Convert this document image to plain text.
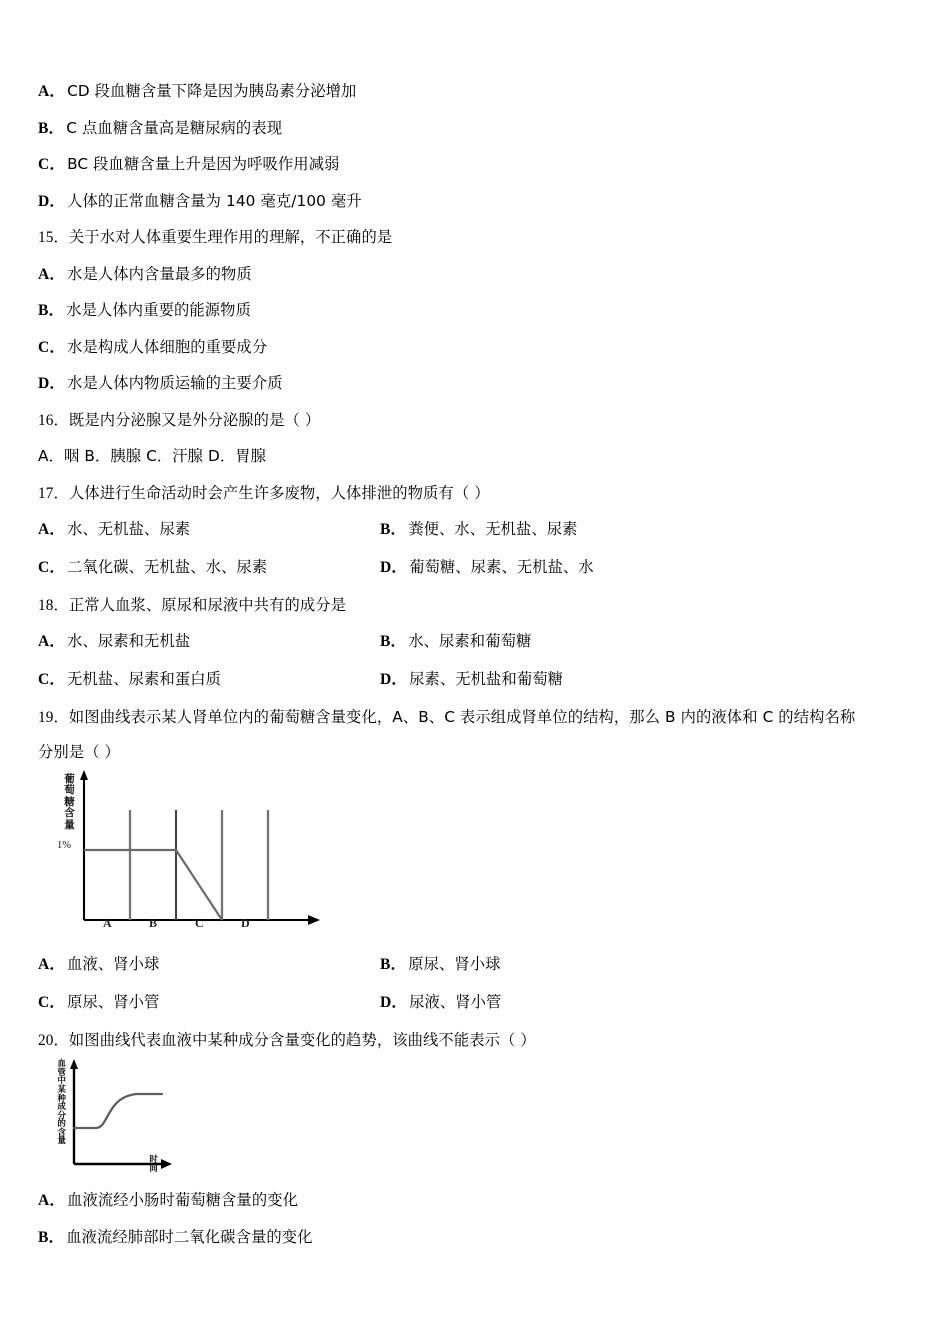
A． CD 段血糖含量下降是因为胰岛素分泌增加
B． C 点血糖含量高是糖尿病的表现
C． BC 段血糖含量上升是因为呼吸作用减弱
D． 人体的正常血糖含量为 140 毫克/100 毫升
15．关于水对人体重要生理作用的理解，不正确的是
A． 水是人体内含量最多的物质
B． 水是人体内重要的能源物质
C． 水是构成人体细胞的重要成分
D． 水是人体内物质运输的主要介质
16．既是内分泌腺又是外分泌腺的是（ ）
A．咽 B．胰腺 C．汗腺 D．胃腺
17．人体进行生命活动时会产生许多废物，人体排泄的物质有（ ）
A． 水、无机盐、尿素	B． 粪便、水、无机盐、尿素
C． 二氧化碳、无机盐、水、尿素	D． 葡萄糖、尿素、无机盐、水
18．正常人血浆、原尿和尿液中共有的成分是
A． 水、尿素和无机盐	B． 水、尿素和葡萄糖
C． 无机盐、尿素和蛋白质	D． 尿素、无机盐和葡萄糖
19．如图曲线表示某人肾单位内的葡萄糖含量变化，A、B、C 表示组成肾单位的结构，那么 B 内的液体和 C 的结构名称
分别是（ ）
葡
萄
糖
含
量
1%
A	B	C	D
A． 血液、肾小球	B． 原尿、肾小球
C． 原尿、肾小管	D． 尿液、肾小管
20．如图曲线代表血液中某种成分含量变化的趋势，该曲线不能表示（ ）
血
管
中
某
种
成
分
的
含
量
时
间
A． 血液流经小肠时葡萄糖含量的变化
B． 血液流经肺部时二氧化碳含量的变化
